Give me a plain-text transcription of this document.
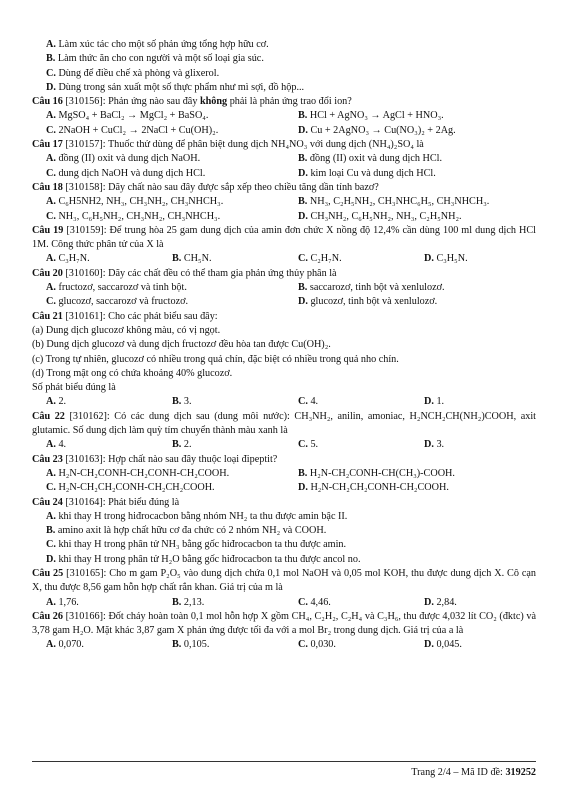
A. Làm xúc tác cho một số phản ứng tổng hợp hữu cơ.
B. Làm thức ăn cho con người và một số loại gia súc.
C. Dùng để điều chế xà phòng và glixerol.
D. Dùng trong sản xuất một số thực phẩm như mì sợi, đồ hộp...
Câu 16 [310156]: Phản ứng nào sau đây không phải là phản ứng trao đổi ion?
A. MgSO₄ + BaCl₂ → MgCl₂ + BaSO₄.	B. HCl + AgNO₃ → AgCl + HNO₃.
C. 2NaOH + CuCl₂ → 2NaCl + Cu(OH)₂.	D. Cu + 2AgNO₃ → Cu(NO₃)₂ + 2Ag.
Câu 17 [310157]: Thuốc thử dùng để phân biệt dung dịch NH₄NO₃ với dung dịch (NH₄)₂SO₄ là
A. đồng (II) oxit và dung dịch NaOH.	B. đồng (II) oxit và dung dịch HCl.
C. dung dịch NaOH và dung dịch HCl.	D. kim loại Cu và dung dịch HCl.
Câu 18 [310158]: Dãy chất nào sau đây được sắp xếp theo chiều tăng dần tính bazơ?
A. C₆H5NH2, NH₃, CH₃NH₂, CH₃NHCH₃.	B. NH₃, C₂H₅NH₂, CH₃NHC₆H₅, CH₃NHCH₃.
C. NH₃, C₆H₅NH₂, CH₃NH₂, CH₃NHCH₃.	D. CH₃NH₂, C₆H₅NH₂, NH₃, C₂H₅NH₂.
Câu 19 [310159]: Để trung hòa 25 gam dung dịch của amin đơn chức X nồng độ 12,4% cần dùng 100 ml dung dịch HCl 1M. Công thức phân tử của X là
A. C₃H₇N.	B. CH₅N.	C. C₂H₇N.	D. C₃H₅N.
Câu 20 [310160]: Dãy các chất đều có thể tham gia phản ứng thủy phân là
A. fructozơ, saccarozơ và tinh bột.	B. saccarozơ, tinh bột và xenlulozơ.
C. glucozơ, saccarozơ và fructozơ.	D. glucozơ, tinh bột và xenlulozơ.
Câu 21 [310161]: Cho các phát biểu sau đây:
(a) Dung dịch glucozơ không màu, có vị ngọt.
(b) Dung dịch glucozơ và dung dịch fructozơ đều hòa tan được Cu(OH)₂.
(c) Trong tự nhiên, glucozơ có nhiều trong quả chín, đặc biệt có nhiều trong quả nho chín.
(d) Trong mật ong có chứa khoảng 40% glucozơ.
Số phát biểu đúng là
A. 2.	B. 3.	C. 4.	D. 1.
Câu 22 [310162]: Có các dung dịch sau (dung môi nước): CH₃NH₂, anilin, amoniac, H₂NCH₂CH(NH₂)COOH, axit glutamic. Số dung dịch làm quỳ tím chuyển thành màu xanh là
A. 4.	B. 2.	C. 5.	D. 3.
Câu 23 [310163]: Hợp chất nào sau đây thuộc loại đipeptit?
A. H₂N-CH₂CONH-CH₂CONH-CH₂COOH.	B. H₂N-CH₂CONH-CH(CH₃)-COOH.
C. H₂N-CH₂CH₂CONH-CH₂CH₂COOH.	D. H₂N-CH₂CH₂CONH-CH₂COOH.
Câu 24 [310164]: Phát biểu đúng là
A. khi thay H trong hiđrocacbon bằng nhóm NH₂ ta thu được amin bậc II.
B. amino axit là hợp chất hữu cơ đa chức có 2 nhóm NH₂ và COOH.
C. khi thay H trong phân tử NH₃ bằng gốc hiđrocacbon ta thu được amin.
D. khi thay H trong phân tử H₂O bằng gốc hiđrocacbon ta thu được ancol no.
Câu 25 [310165]: Cho m gam P₂O₅ vào dung dịch chứa 0,1 mol NaOH và 0,05 mol KOH, thu được dung dịch X. Cô cạn X, thu được 8,56 gam hỗn hợp chất rắn khan. Giá trị của m là
A. 1,76.	B. 2,13.	C. 4,46.	D. 2,84.
Câu 26 [310166]: Đốt cháy hoàn toàn 0,1 mol hỗn hợp X gồm CH₄, C₂H₂, C₂H₄ và C₃H₆, thu được 4,032 lít CO₂ (đktc) và 3,78 gam H₂O. Mặt khác 3,87 gam X phản ứng được tối đa với a mol Br₂ trong dung dịch. Giá trị của a là
A. 0,070.	B. 0,105.	C. 0,030.	D. 0,045.
Trang 2/4 – Mã ID đề: 319252
